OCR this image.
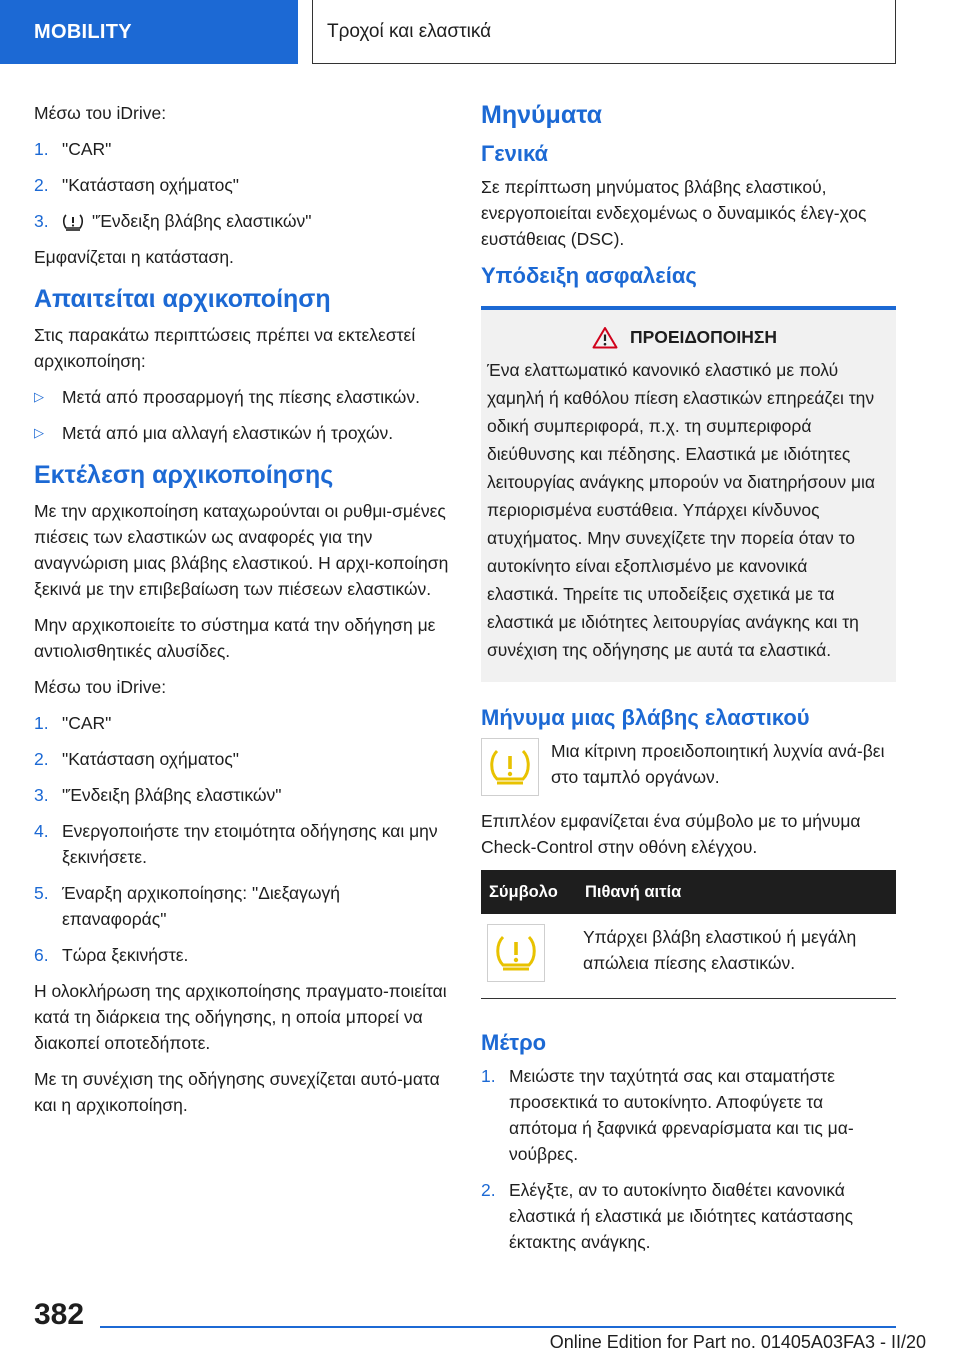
MOBILITY	Τροχοί και ελαστικά

Μέσω του iDrive:

1. "CAR"
2. "Κατάσταση οχήματος"
3. "Ένδειξη βλάβης ελαστικών"

Εμφανίζεται η κατάσταση.

Απαιτείται αρχικοποίηση

Στις παρακάτω περιπτώσεις πρέπει να εκτελεστεί αρχικοποίηση:

▷ Μετά από προσαρμογή της πίεσης ελαστικών.
▷ Μετά από μια αλλαγή ελαστικών ή τροχών.
Εκτέλεση αρχικοποίησης

Με την αρχικοποίηση καταχωρούνται οι ρυθμι-σμένες πιέσεις των ελαστικών ως αναφορές για την αναγνώριση μιας βλάβης ελαστικού. Η αρχι-κοποίηση ξεκινά με την επιβεβαίωση των πιέσεων ελαστικών.

Μην αρχικοποιείτε το σύστημα κατά την οδήγηση με αντιολισθητικές αλυσίδες.

Μέσω του iDrive:

1. "CAR"
2. "Κατάσταση οχήματος"
3. "Ένδειξη βλάβης ελαστικών"
4. Ενεργοποιήστε την ετοιμότητα οδήγησης και μην ξεκινήσετε.
5. Έναρξη αρχικοποίησης: "Διεξαγωγή επαναφοράς"
6. Τώρα ξεκινήστε.

Η ολοκλήρωση της αρχικοποίησης πραγματο-ποιείται κατά τη διάρκεια της οδήγησης, η οποία μπορεί να διακοπεί οποτεδήποτε.

Με τη συνέχιση της οδήγησης συνεχίζεται αυτό-ματα και η αρχικοποίηση.

Μηνύματα
Γενικά

Σε περίπτωση μηνύματος βλάβης ελαστικού, ενεργοποιείται ενδεχομένως ο δυναμικός έλεγ-χος ευστάθειας (DSC).

Υπόδειξη ασφαλείας
ΠΡΟΕΙΔΟΠΟΙΗΣΗ
Ένα ελαττωματικό κανονικό ελαστικό με πολύ χαμηλή ή καθόλου πίεση ελαστικών επηρεάζει την οδική συμπεριφορά, π.χ. τη συμπεριφορά διεύθυνσης και πέδησης. Ελαστικά με ιδιότητες λειτουργίας ανάγκης μπορούν να διατηρήσουν μια περιορισμένα ευστάθεια. Υπάρχει κίνδυνος ατυχήματος. Μην συνεχίζετε την πορεία όταν το αυτοκίνητο είναι εξοπλισμένο με κανονικά ελαστικά. Τηρείτε τις υποδείξεις σχετικά με τα ελαστικά με ιδιότητες λειτουργίας ανάγκης και τη συνέχιση της οδήγησης με αυτά τα ελαστικά.
Μήνυμα μιας βλάβης ελαστικού
Μια κίτρινη προειδοποιητική λυχνία ανά-βει στο ταμπλό οργάνων.

Επιπλέον εμφανίζεται ένα σύμβολο με το μήνυμα Check-Control στην οθόνη ελέγχου.

Σύμβολο	Πιθανή αιτία

	Υπάρχει βλάβη ελαστικού ή μεγάλη απώλεια πίεσης ελαστικών.
Μέτρο
1. Μειώστε την ταχύτητά σας και σταματήστε προσεκτικά το αυτοκίνητο. Αποφύγετε τα απότομα ή ξαφνικά φρεναρίσματα και τις μα-νούβρες.
2. Ελέγξτε, αν το αυτοκίνητο διαθέτει κανονικά ελαστικά ή ελαστικά με ιδιότητες κατάστασης έκτακτης ανάγκης.
382
Online Edition for Part no. 01405A03FA3 - II/20
